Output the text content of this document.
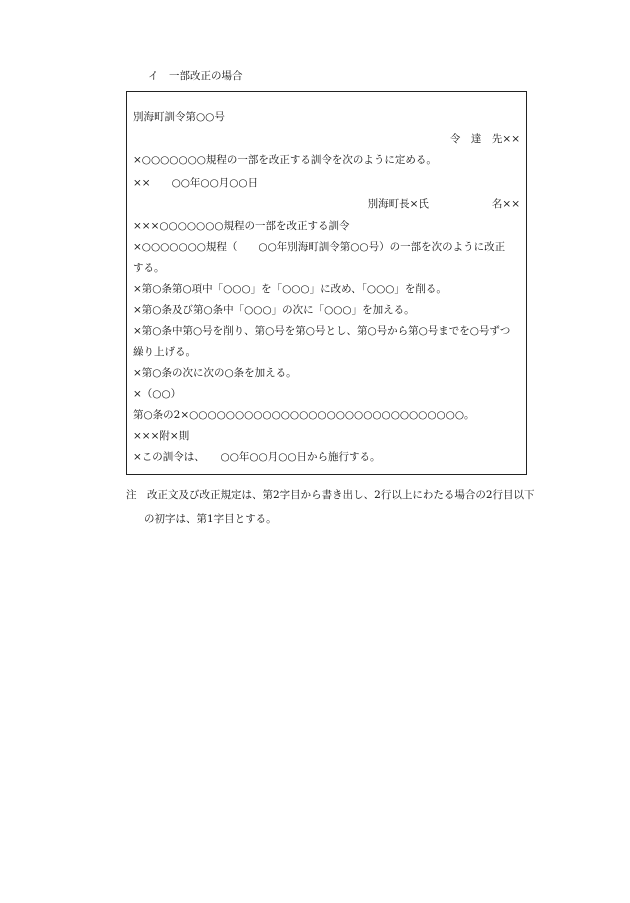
イ　一部改正の場合
別海町訓令第○○号
令　達　先××
×○○○○○○○規程の一部を改正する訓令を次のように定める。
××　　○○年○○月○○日
別海町長×氏　　　　　　名××
×××○○○○○○○規程の一部を改正する訓令
×○○○○○○○規程（　　○○年別海町訓令第○○号）の一部を次のように改正
する。
×第○条第○項中「○○○」を「○○○」に改め、「○○○」を削る。
×第○条及び第○条中「○○○」の次に「○○○」を加える。
×第○条中第○号を削り、第○号を第○号とし、第○号から第○号までを○号ずつ
繰り上げる。
×第○条の次に次の○条を加える。
×（○○）
第○条の2×○○○○○○○○○○○○○○○○○○○○○○○○○○○○○○。
×××附×則
×この訓令は、　　○○年○○月○○日から施行する。
注　改正文及び改正規定は、第2字目から書き出し、2行以上にわたる場合の2行目以下
の初字は、第1字目とする。
